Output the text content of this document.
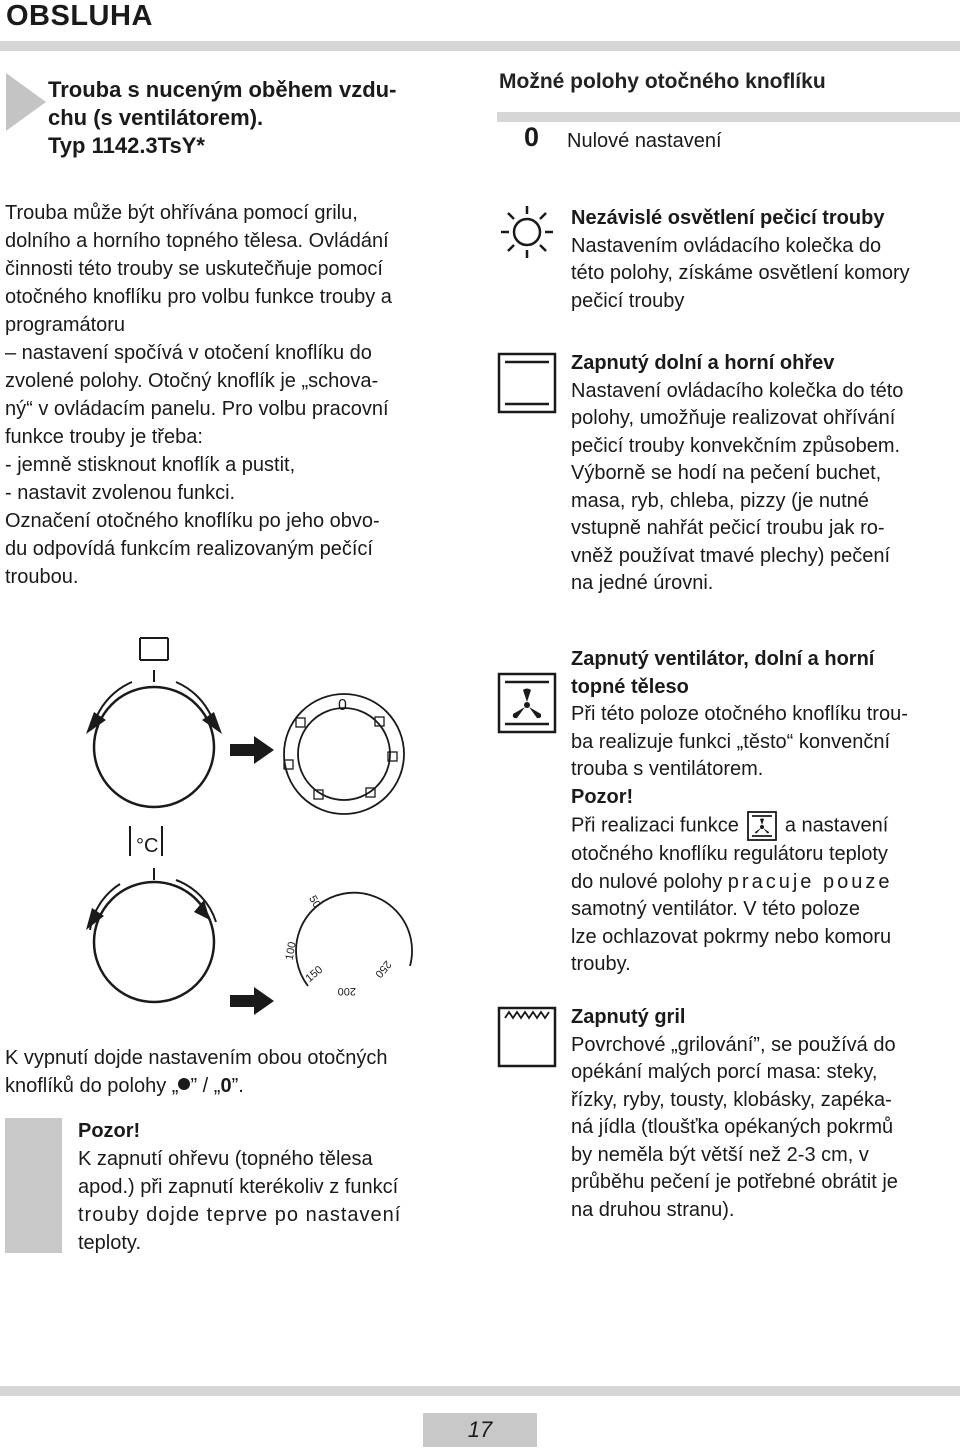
OBSLUHA
Trouba s nuceným oběhem vzdu-
chu (s ventilátorem).
Typ 1142.3TsY*
Možné polohy otočného knoflíku
0 Nulové nastavení

Trouba může být ohřívána pomocí grilu,

dolního a horního topného tělesa. Ovládání

činnosti této trouby se uskutečňuje pomocí

otočného knoflíku pro volbu funkce trouby a

programátoru

– nastavení spočívá v otočení knoflíku do

zvolené polohy. Otočný knoflík je „schova-

ný“ v ovládacím panelu. Pro volbu pracovní

funkce trouby je třeba:

- jemně stisknout knoflík a pustit,

- nastavit zvolenou funkci.

Označení otočného knoflíku po jeho obvo-

du odpovídá funkcím realizovaným pečící

troubou.

0
°C
50
100
150
200
250
K vypnutí dojde nastavením obou otočných
knoflíků do polohy „ ” / „0”.

Pozor!

K zapnutí ohřevu (topného tělesa

apod.) při zapnutí kterékoliv z funkcí

trouby dojde teprve po nastavení

teploty.

Nezávislé osvětlení pečicí trouby

Nastavením ovládacího kolečka do

této polohy, získáme osvětlení komory

pečicí trouby

Zapnutý dolní a horní ohřev

Nastavení ovládacího kolečka do této

polohy, umožňuje realizovat ohřívání

pečicí trouby konvekčním způsobem.

Výborně se hodí na pečení buchet,

masa, ryb, chleba, pizzy (je nutné

vstupně nahřát pečicí troubu jak ro-

vněž používat tmavé plechy) pečení

na jedné úrovni.

Zapnutý ventilátor, dolní a horní

topné těleso

Při této poloze otočného knoflíku trou-

ba realizuje funkci „těsto“ konvenční

trouba s ventilátorem.

Pozor!

Při realizaci funkce a nastavení

otočného knoflíku regulátoru teploty

do nulové polohy pracuje pouze

samotný ventilátor. V této poloze

lze ochlazovat pokrmy nebo komoru

trouby.

Zapnutý gril

Povrchové „grilování”, se používá do

opékání malých porcí masa: steky,

řízky, ryby, tousty, klobásky, zapéka-

ná jídla (tloušťka opékaných pokrmů

by neměla být větší než 2-3 cm, v

průběhu pečení je potřebné obrátit je

na druhou stranu).

17
